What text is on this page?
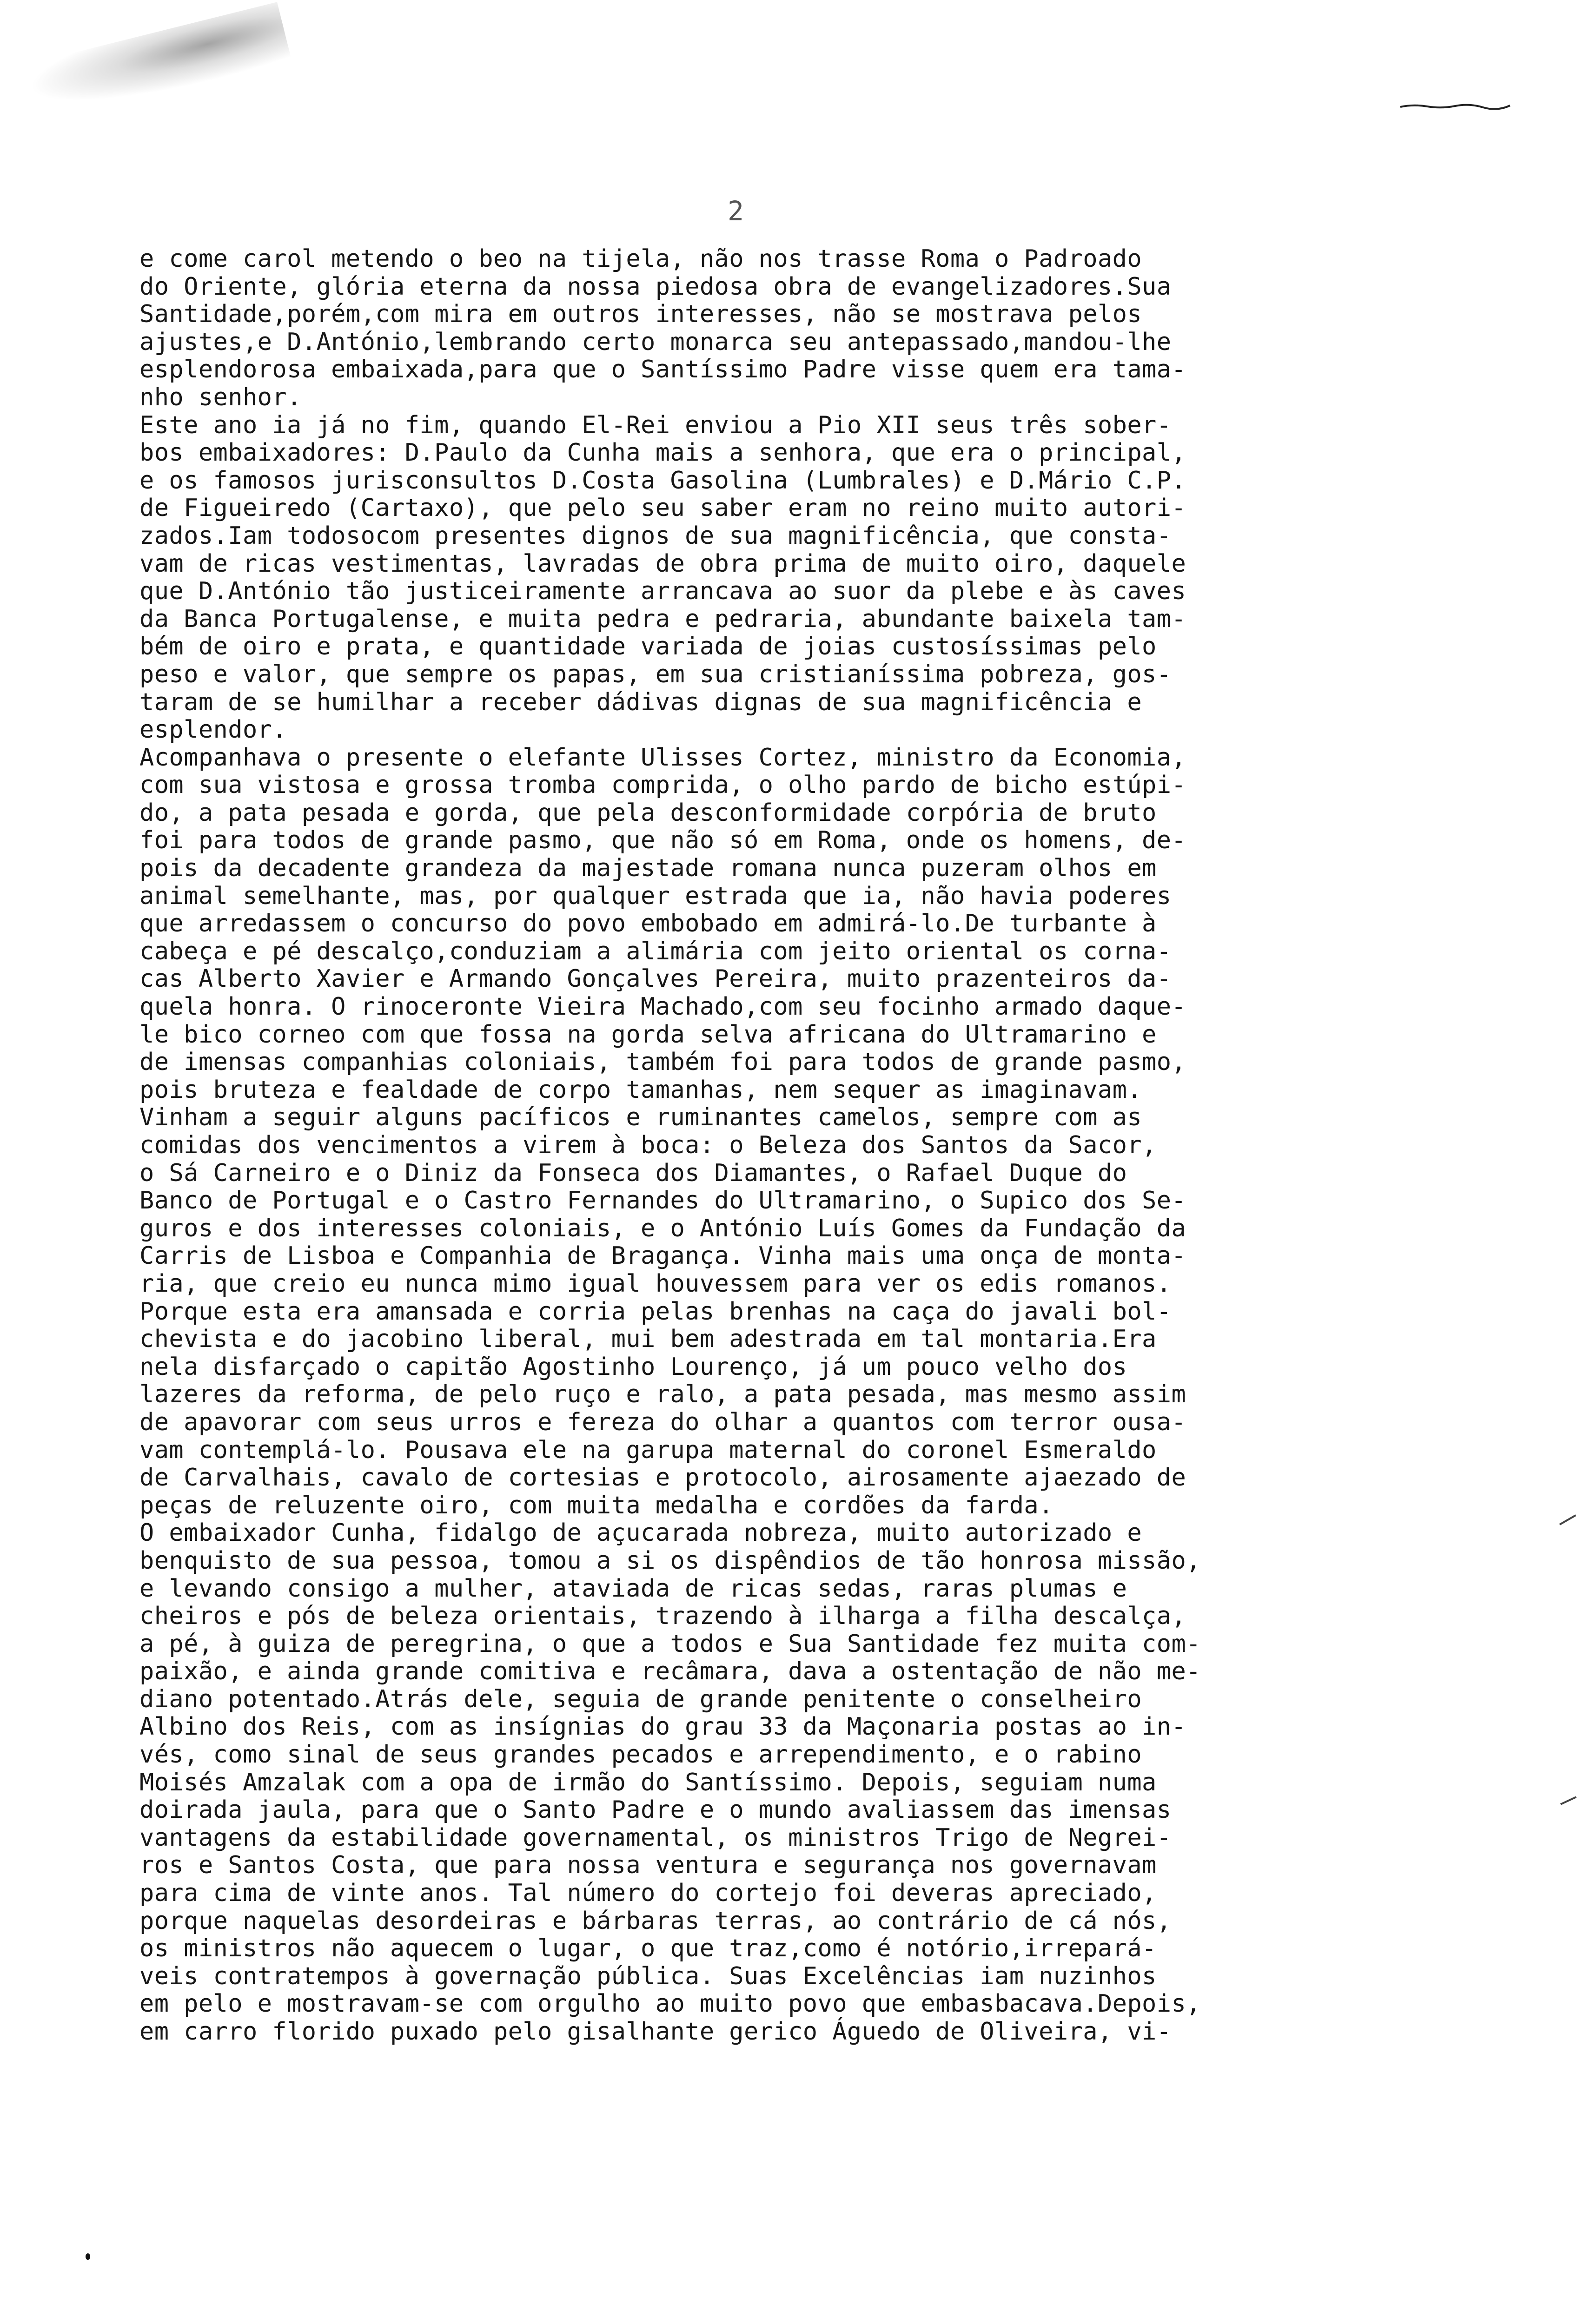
2
e come carol metendo o beo na tijela, não nos trasse Roma o Padroado
do Oriente, glória eterna da nossa piedosa obra de evangelizadores.Sua
Santidade,porém,com mira em outros interesses, não se mostrava pelos
ajustes,e D.António,lembrando certo monarca seu antepassado,mandou-lhe
esplendorosa embaixada,para que o Santíssimo Padre visse quem era tama-
nho senhor.
Este ano ia já no fim, quando El-Rei enviou a Pio XII seus três sober-
bos embaixadores: D.Paulo da Cunha mais a senhora, que era o principal,
e os famosos jurisconsultos D.Costa Gasolina (Lumbrales) e D.Mário C.P.
de Figueiredo (Cartaxo), que pelo seu saber eram no reino muito autori-
zados.Iam todosocom presentes dignos de sua magnificência, que consta-
vam de ricas vestimentas, lavradas de obra prima de muito oiro, daquele
que D.António tão justiceiramente arrancava ao suor da plebe e às caves
da Banca Portugalense, e muita pedra e pedraria, abundante baixela tam-
bém de oiro e prata, e quantidade variada de joias custosíssimas pelo
peso e valor, que sempre os papas, em sua cristianíssima pobreza, gos-
taram de se humilhar a receber dádivas dignas de sua magnificência e
esplendor.
Acompanhava o presente o elefante Ulisses Cortez, ministro da Economia,
com sua vistosa e grossa tromba comprida, o olho pardo de bicho estúpi-
do, a pata pesada e gorda, que pela desconformidade corpória de bruto
foi para todos de grande pasmo, que não só em Roma, onde os homens, de-
pois da decadente grandeza da majestade romana nunca puzeram olhos em
animal semelhante, mas, por qualquer estrada que ia, não havia poderes
que arredassem o concurso do povo embobado em admirá-lo.De turbante à
cabeça e pé descalço,conduziam a alimária com jeito oriental os corna-
cas Alberto Xavier e Armando Gonçalves Pereira, muito prazenteiros da-
quela honra. O rinoceronte Vieira Machado,com seu focinho armado daque-
le bico corneo com que fossa na gorda selva africana do Ultramarino e
de imensas companhias coloniais, também foi para todos de grande pasmo,
pois bruteza e fealdade de corpo tamanhas, nem sequer as imaginavam.
Vinham a seguir alguns pacíficos e ruminantes camelos, sempre com as
comidas dos vencimentos a virem à boca: o Beleza dos Santos da Sacor,
o Sá Carneiro e o Diniz da Fonseca dos Diamantes, o Rafael Duque do
Banco de Portugal e o Castro Fernandes do Ultramarino, o Supico dos Se-
guros e dos interesses coloniais, e o António Luís Gomes da Fundação da
Carris de Lisboa e Companhia de Bragança. Vinha mais uma onça de monta-
ria, que creio eu nunca mimo igual houvessem para ver os edis romanos.
Porque esta era amansada e corria pelas brenhas na caça do javali bol-
chevista e do jacobino liberal, mui bem adestrada em tal montaria.Era
nela disfarçado o capitão Agostinho Lourenço, já um pouco velho dos
lazeres da reforma, de pelo ruço e ralo, a pata pesada, mas mesmo assim
de apavorar com seus urros e fereza do olhar a quantos com terror ousa-
vam contemplá-lo. Pousava ele na garupa maternal do coronel Esmeraldo
de Carvalhais, cavalo de cortesias e protocolo, airosamente ajaezado de
peças de reluzente oiro, com muita medalha e cordões da farda.
O embaixador Cunha, fidalgo de açucarada nobreza, muito autorizado e
benquisto de sua pessoa, tomou a si os dispêndios de tão honrosa missão,
e levando consigo a mulher, ataviada de ricas sedas, raras plumas e
cheiros e pós de beleza orientais, trazendo à ilharga a filha descalça,
a pé, à guiza de peregrina, o que a todos e Sua Santidade fez muita com-
paixão, e ainda grande comitiva e recâmara, dava a ostentação de não me-
diano potentado.Atrás dele, seguia de grande penitente o conselheiro
Albino dos Reis, com as insígnias do grau 33 da Maçonaria postas ao in-
vés, como sinal de seus grandes pecados e arrependimento, e o rabino
Moisés Amzalak com a opa de irmão do Santíssimo. Depois, seguiam numa
doirada jaula, para que o Santo Padre e o mundo avaliassem das imensas
vantagens da estabilidade governamental, os ministros Trigo de Negrei-
ros e Santos Costa, que para nossa ventura e segurança nos governavam
para cima de vinte anos. Tal número do cortejo foi deveras apreciado,
porque naquelas desordeiras e bárbaras terras, ao contrário de cá nós,
os ministros não aquecem o lugar, o que traz,como é notório,irrepará-
veis contratempos à governação pública. Suas Excelências iam nuzinhos
em pelo e mostravam-se com orgulho ao muito povo que embasbacava.Depois,
em carro florido puxado pelo gisalhante gerico Águedo de Oliveira, vi-
